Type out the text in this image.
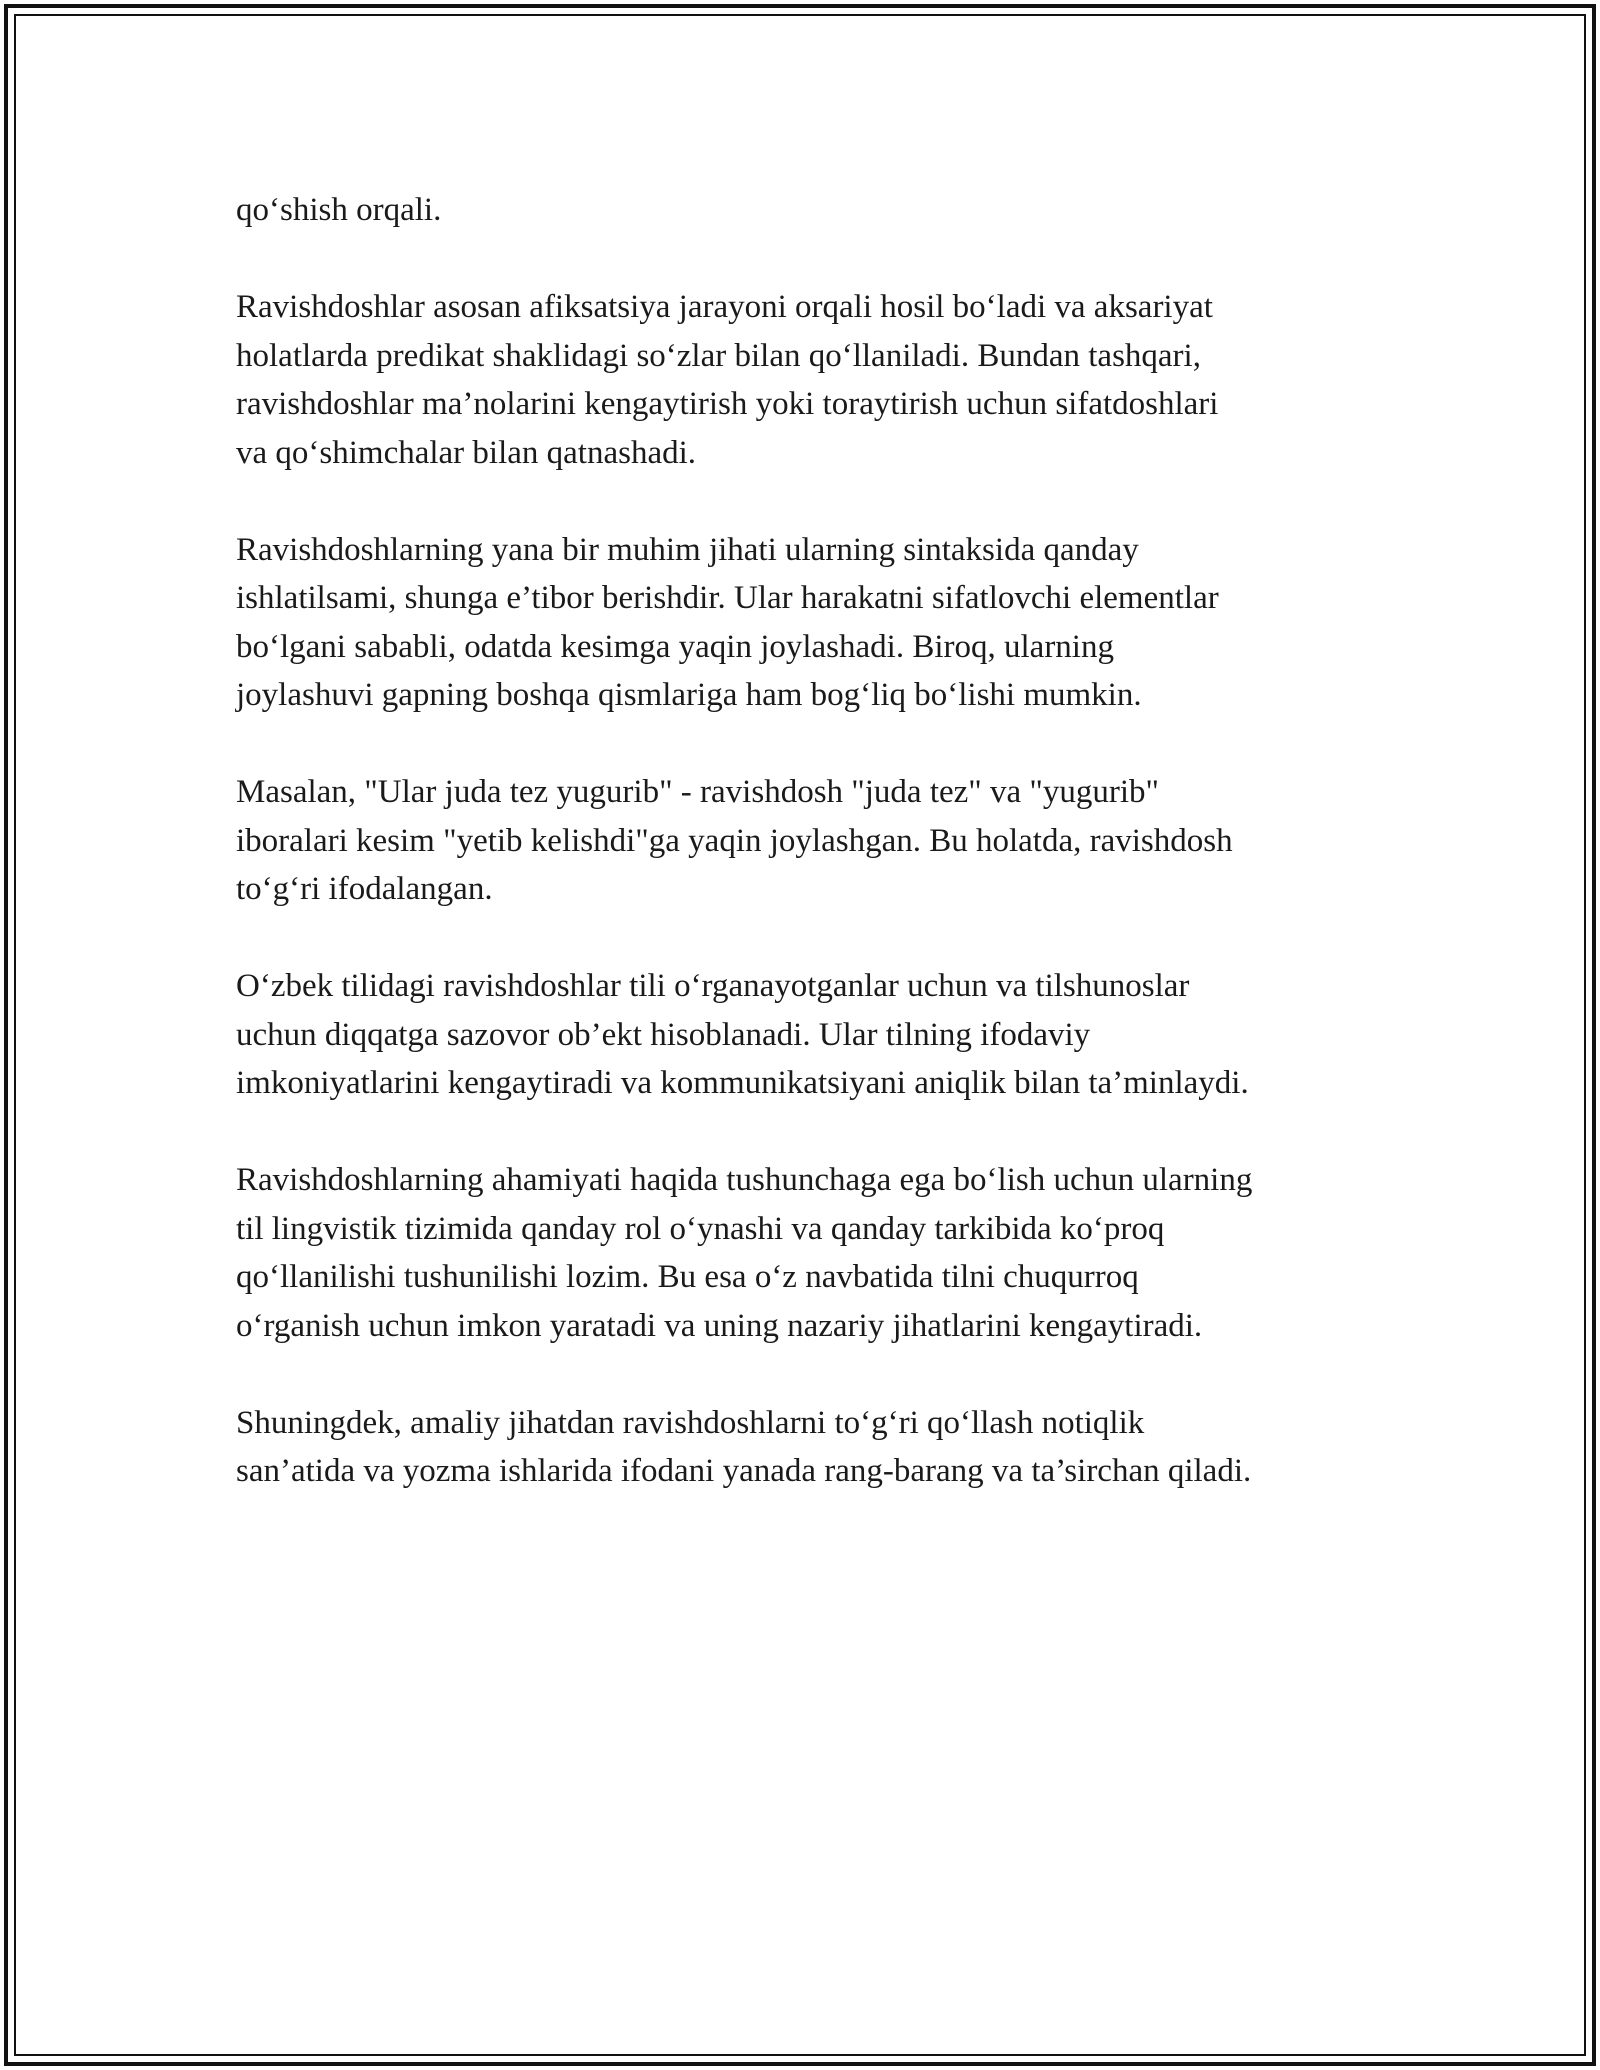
qo‘shish orqali.

Ravishdoshlar asosan afiksatsiya jarayoni orqali hosil bo‘ladi va aksariyat
holatlarda predikat shaklidagi so‘zlar bilan qo‘llaniladi. Bundan tashqari,
ravishdoshlar ma’nolarini kengaytirish yoki toraytirish uchun sifatdoshlari
va qo‘shimchalar bilan qatnashadi.

Ravishdoshlarning yana bir muhim jihati ularning sintaksida qanday
ishlatilsami, shunga e’tibor berishdir. Ular harakatni sifatlovchi elementlar
bo‘lgani sababli, odatda kesimga yaqin joylashadi. Biroq, ularning
joylashuvi gapning boshqa qismlariga ham bog‘liq bo‘lishi mumkin.

Masalan, "Ular juda tez yugurib" - ravishdosh "juda tez" va "yugurib"
iboralari kesim "yetib kelishdi"ga yaqin joylashgan. Bu holatda, ravishdosh
to‘g‘ri ifodalangan.

O‘zbek tilidagi ravishdoshlar tili o‘rganayotganlar uchun va tilshunoslar
uchun diqqatga sazovor ob’ekt hisoblanadi. Ular tilning ifodaviy
imkoniyatlarini kengaytiradi va kommunikatsiyani aniqlik bilan ta’minlaydi.

Ravishdoshlarning ahamiyati haqida tushunchaga ega bo‘lish uchun ularning
til lingvistik tizimida qanday rol o‘ynashi va qanday tarkibida ko‘proq
qo‘llanilishi tushunilishi lozim. Bu esa o‘z navbatida tilni chuqurroq
o‘rganish uchun imkon yaratadi va uning nazariy jihatlarini kengaytiradi.

Shuningdek, amaliy jihatdan ravishdoshlarni to‘g‘ri qo‘llash notiqlik
san’atida va yozma ishlarida ifodani yanada rang-barang va ta’sirchan qiladi.
